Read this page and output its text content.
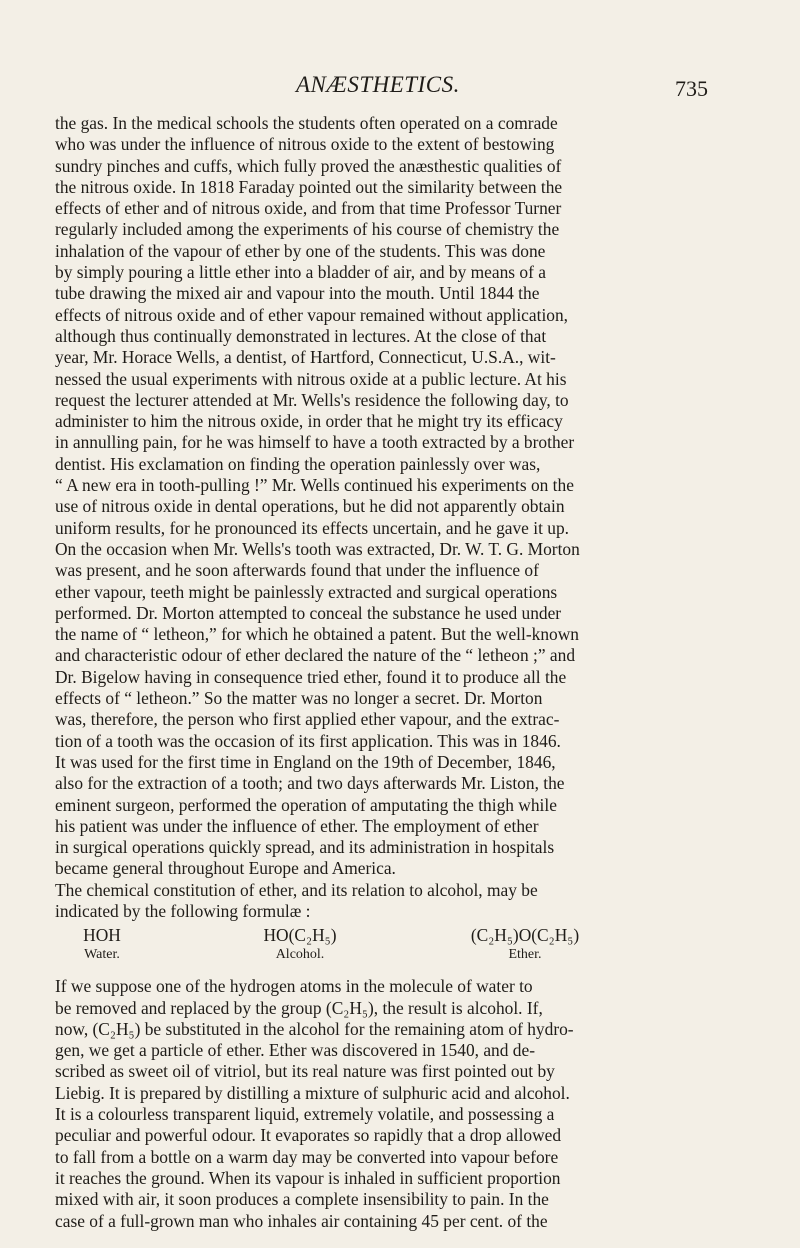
ANÆSTHETICS.	735
the gas. In the medical schools the students often operated on a comrade
who was under the influence of nitrous oxide to the extent of bestowing
sundry pinches and cuffs, which fully proved the anæsthestic qualities of
the nitrous oxide. In 1818 Faraday pointed out the similarity between the
effects of ether and of nitrous oxide, and from that time Professor Turner
regularly included among the experiments of his course of chemistry the
inhalation of the vapour of ether by one of the students. This was done
by simply pouring a little ether into a bladder of air, and by means of a
tube drawing the mixed air and vapour into the mouth. Until 1844 the
effects of nitrous oxide and of ether vapour remained without application,
although thus continually demonstrated in lectures. At the close of that
year, Mr. Horace Wells, a dentist, of Hartford, Connecticut, U.S.A., wit-
nessed the usual experiments with nitrous oxide at a public lecture. At his
request the lecturer attended at Mr. Wells's residence the following day, to
administer to him the nitrous oxide, in order that he might try its efficacy
in annulling pain, for he was himself to have a tooth extracted by a brother
dentist. His exclamation on finding the operation painlessly over was,
“ A new era in tooth-pulling !” Mr. Wells continued his experiments on the
use of nitrous oxide in dental operations, but he did not apparently obtain
uniform results, for he pronounced its effects uncertain, and he gave it up.
On the occasion when Mr. Wells's tooth was extracted, Dr. W. T. G. Morton
was present, and he soon afterwards found that under the influence of
ether vapour, teeth might be painlessly extracted and surgical operations
performed. Dr. Morton attempted to conceal the substance he used under
the name of “ letheon,” for which he obtained a patent. But the well-known
and characteristic odour of ether declared the nature of the “ letheon ;” and
Dr. Bigelow having in consequence tried ether, found it to produce all the
effects of “ letheon.” So the matter was no longer a secret. Dr. Morton
was, therefore, the person who first applied ether vapour, and the extrac-
tion of a tooth was the occasion of its first application. This was in 1846.
It was used for the first time in England on the 19th of December, 1846,
also for the extraction of a tooth; and two days afterwards Mr. Liston, the
eminent surgeon, performed the operation of amputating the thigh while
his patient was under the influence of ether. The employment of ether
in surgical operations quickly spread, and its administration in hospitals
became general throughout Europe and America.
The chemical constitution of ether, and its relation to alcohol, may be
indicated by the following formulæ :
HOH
Water.
HO(C₂H₅)
Alcohol.
(C₂H₅)O(C₂H₅)
Ether.
If we suppose one of the hydrogen atoms in the molecule of water to
be removed and replaced by the group (C₂H₅), the result is alcohol. If,
now, (C₂H₅) be substituted in the alcohol for the remaining atom of hydro-
gen, we get a particle of ether. Ether was discovered in 1540, and de-
scribed as sweet oil of vitriol, but its real nature was first pointed out by
Liebig. It is prepared by distilling a mixture of sulphuric acid and alcohol.
It is a colourless transparent liquid, extremely volatile, and possessing a
peculiar and powerful odour. It evaporates so rapidly that a drop allowed
to fall from a bottle on a warm day may be converted into vapour before
it reaches the ground. When its vapour is inhaled in sufficient proportion
mixed with air, it soon produces a complete insensibility to pain. In the
case of a full-grown man who inhales air containing 45 per cent. of the
